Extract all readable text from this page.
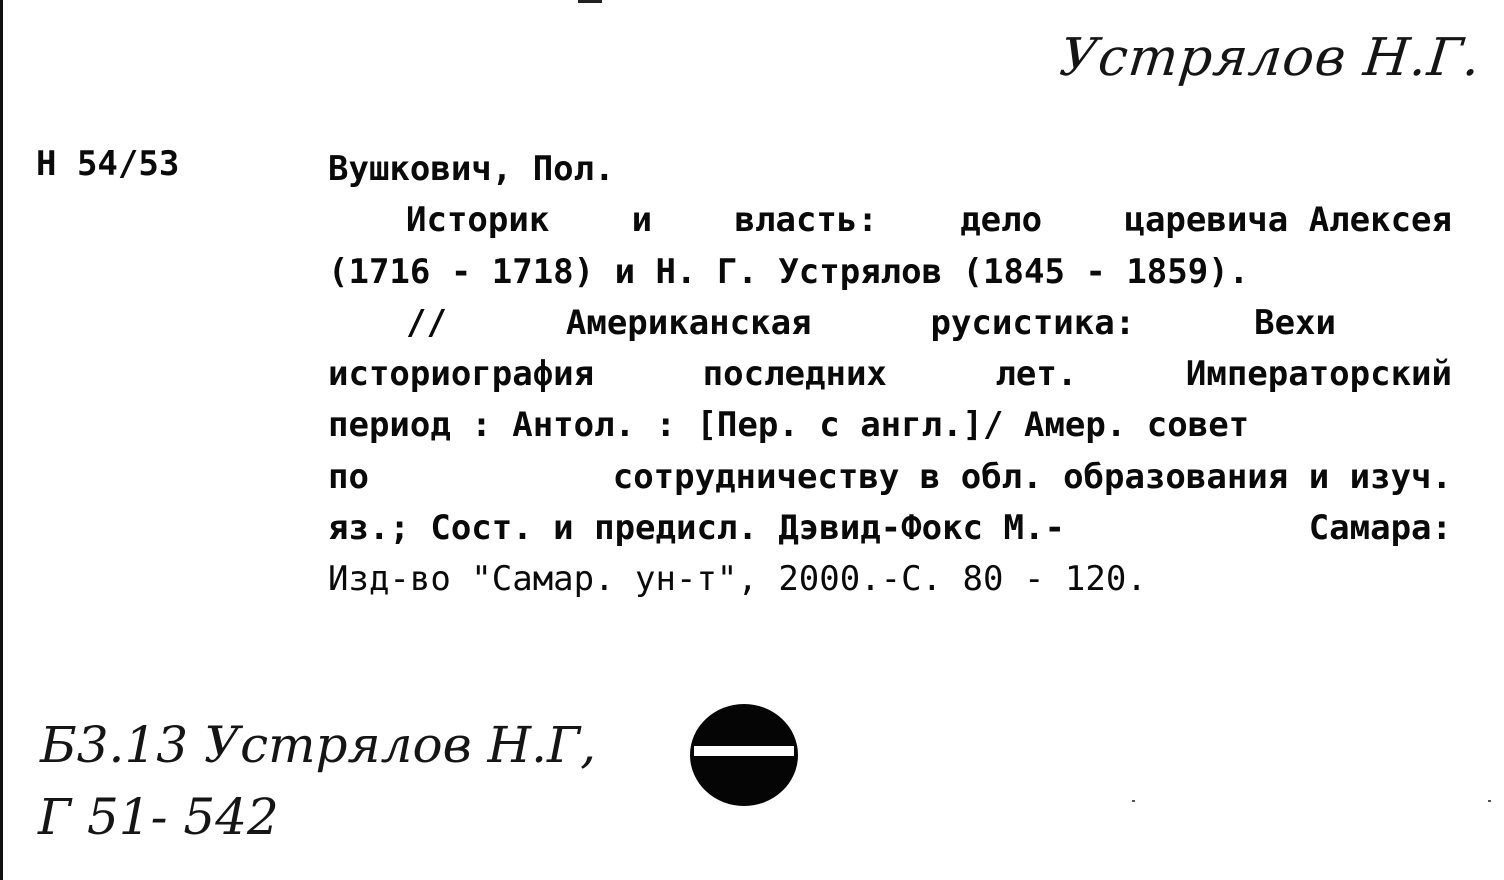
Устрялов Н.Г.
Н 54/53	Вушкович, Пол.
Историк и власть: дело царевича Алексея
(1716 - 1718) и Н. Г. Устрялов (1845 - 1859).
//	Американская	русистика:	Вехи
историография	последних	лет.	Императорский
период : Антол. : [Пер. с англ.]/ Амер. совет
по	сотрудничеству в обл. образования и изуч.
яз.; Сост. и предисл. Дэвид-Фокс М.-	Самара:
Изд-во "Самар. ун-т", 2000.-С. 80 - 120.
Б3.13 Устрялов Н.Г,
Г 51- 542
